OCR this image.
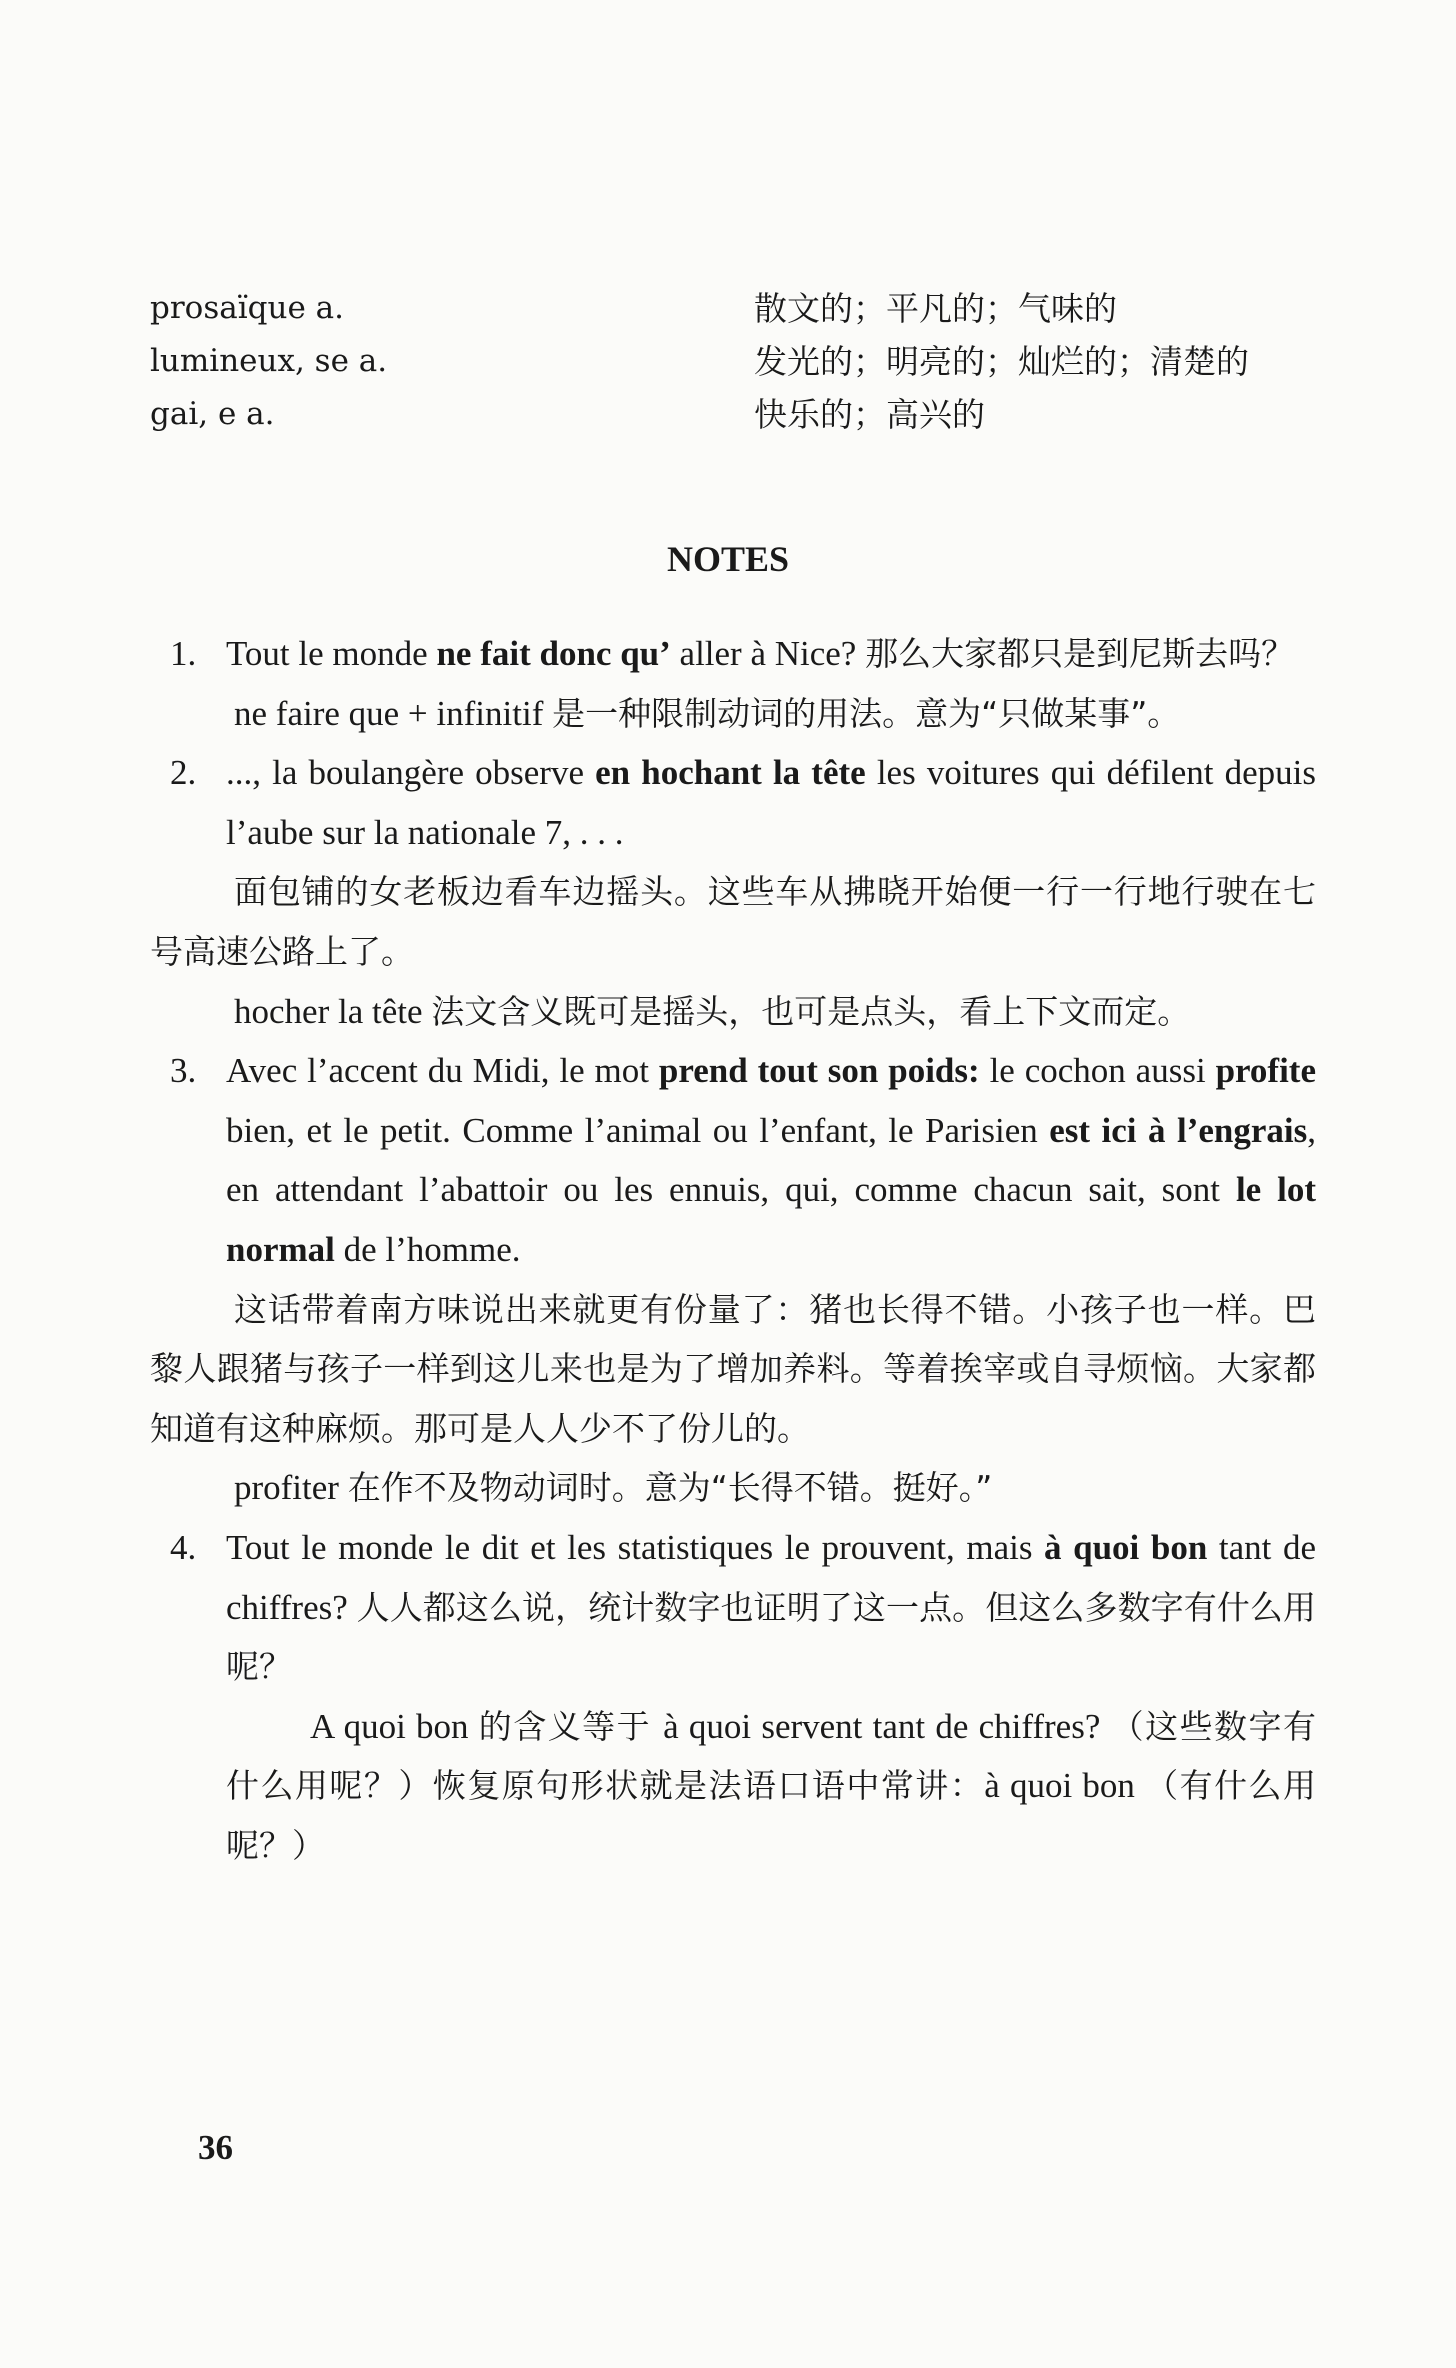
prosaïque a.	散文的；平凡的；气味的
lumineux, se a.	发光的；明亮的；灿烂的；清楚的
gai, e a.	快乐的；高兴的
NOTES
1. Tout le monde ne fait donc qu’ aller à Nice? 那么大家都只是到尼斯去吗？
ne faire que + infinitif 是一种限制动词的用法。意为“只做某事”。
2. ..., la boulangère observe en hochant la tête les voitures qui défilent depuis l’aube sur la nationale 7, . . .
面包铺的女老板边看车边摇头。这些车从拂晓开始便一行一行地行驶在七号高速公路上了。
hocher la tête 法文含义既可是摇头，也可是点头，看上下文而定。
3. Avec l’accent du Midi, le mot prend tout son poids: le cochon aussi profite bien, et le petit. Comme l’animal ou l’enfant, le Parisien est ici à l’engrais, en attendant l’abattoir ou les ennuis, qui, comme chacun sait, sont le lot normal de l’homme.
这话带着南方味说出来就更有份量了：猪也长得不错。小孩子也一样。巴黎人跟猪与孩子一样到这儿来也是为了增加养料。等着挨宰或自寻烦恼。大家都知道有这种麻烦。那可是人人少不了份儿的。
profiter 在作不及物动词时。意为“长得不错。挺好。”
4. Tout le monde le dit et les statistiques le prouvent, mais à quoi bon tant de chiffres? 人人都这么说，统计数字也证明了这一点。但这么多数字有什么用呢？
A quoi bon 的含义等于 à quoi servent tant de chiffres? （这些数字有什么用呢？）恢复原句形状就是法语口语中常讲：à quoi bon （有什么用呢？）
36
